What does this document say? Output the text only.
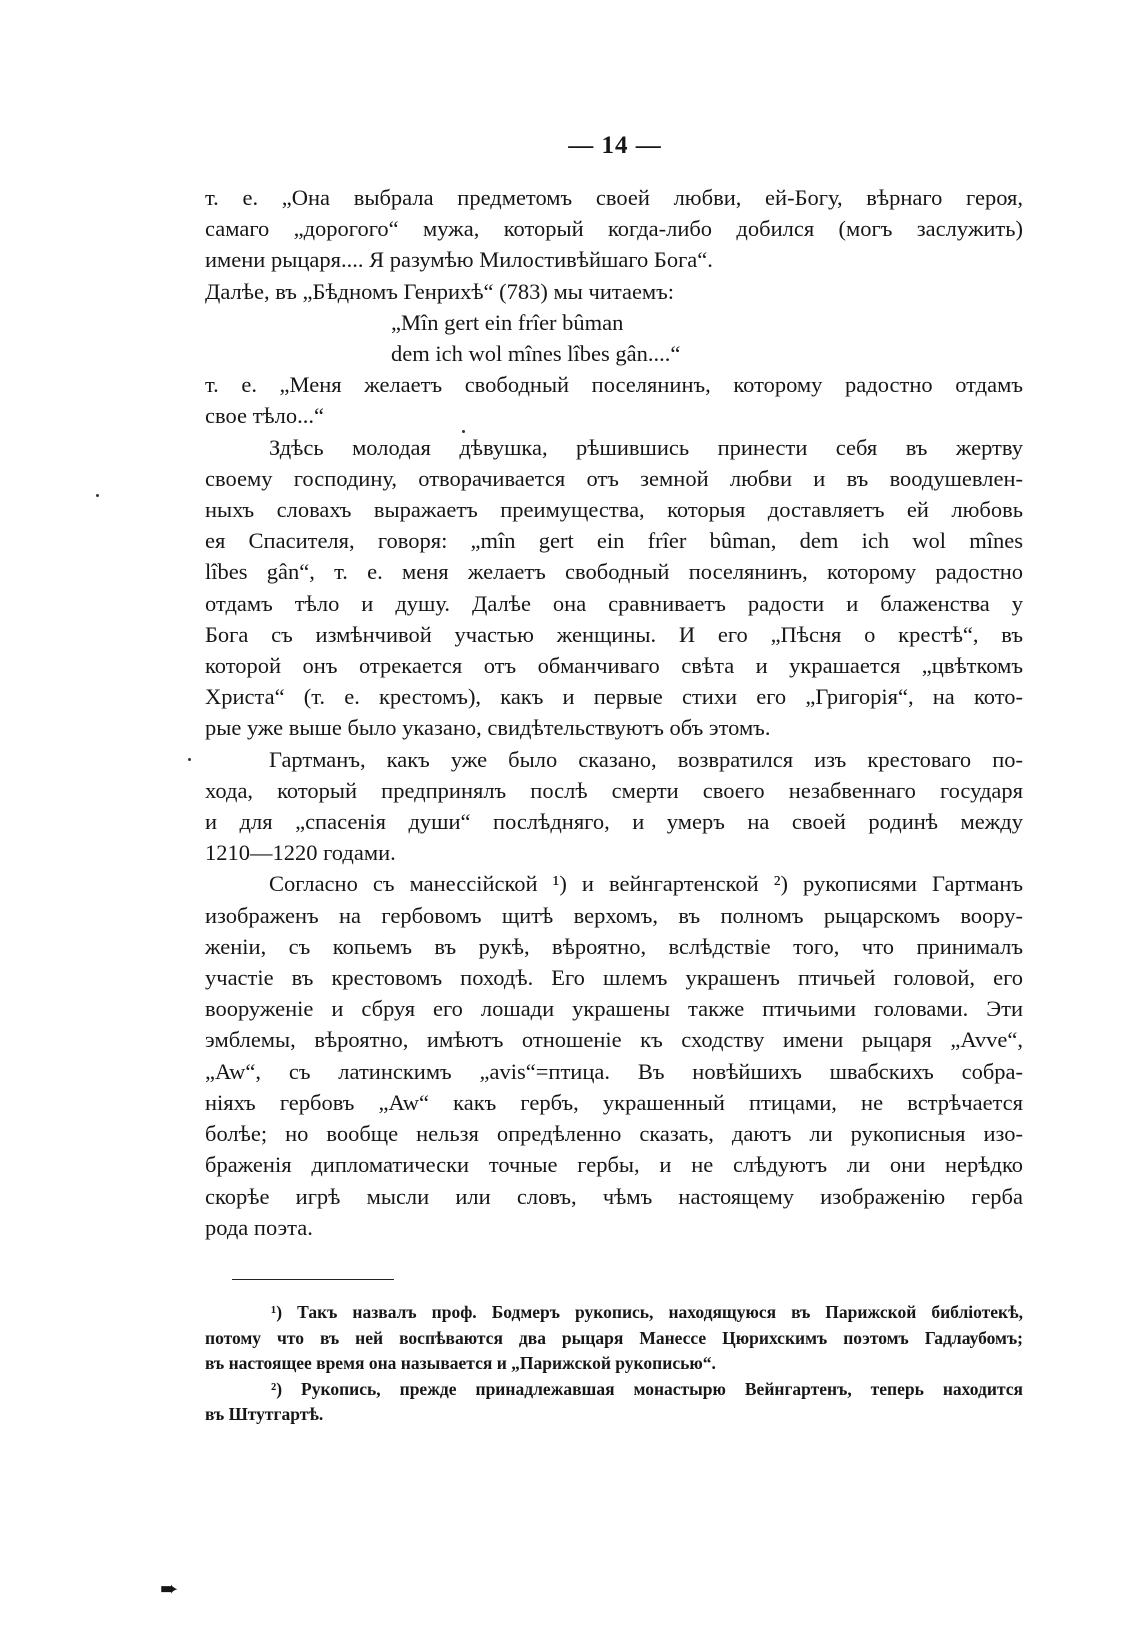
— 14 —
т. е. „Она выбрала предметомъ своей любви, ей-Богу, вѣрнаго героя,
самаго „дорогого“ мужа, который когда-либо добился (могъ заслужить)
имени рыцаря.... Я разумѣю Милостивѣйшаго Бога“.
Далѣе, въ „Бѣдномъ Генрихѣ“ (783) мы читаемъ:
„Mîn gert ein frîer bûman
dem ich wol mînes lîbes gân....“
т. е. „Меня желаетъ свободный поселянинъ, которому радостно отдамъ
свое тѣло...“
Здѣсь молодая дѣвушка, рѣшившись принести себя въ жертву
своему господину, отворачивается отъ земной любви и въ воодушевлен-
ныхъ словахъ выражаетъ преимущества, которыя доставляетъ ей любовь
ея Спасителя, говоря: „mîn gert ein frîer bûman, dem ich wol mînes
lîbes gân“, т. е. меня желаетъ свободный поселянинъ, которому радостно
отдамъ тѣло и душу. Далѣе она сравниваетъ радости и блаженства у
Бога съ измѣнчивой участью женщины. И его „Пѣсня о крестѣ“, въ
которой онъ отрекается отъ обманчиваго свѣта и украшается „цвѣткомъ
Христа“ (т. е. крестомъ), какъ и первые стихи его „Григорія“, на кото-
рые уже выше было указано, свидѣтельствуютъ объ этомъ.
Гартманъ, какъ уже было сказано, возвратился изъ крестоваго по-
хода, который предпринялъ послѣ смерти своего незабвеннаго государя
и для „спасенія души“ послѣдняго, и умеръ на своей родинѣ между
1210—1220 годами.
Согласно съ манессійской ¹) и вейнгартенской ²) рукописями Гартманъ
изображенъ на гербовомъ щитѣ верхомъ, въ полномъ рыцарскомъ воору-
женіи, съ копьемъ въ рукѣ, вѣроятно, вслѣдствіе того, что принималъ
участіе въ крестовомъ походѣ. Его шлемъ украшенъ птичьей головой, его
вооруженіе и сбруя его лошади украшены также птичьими головами. Эти
эмблемы, вѣроятно, имѣютъ отношеніе къ сходству имени рыцаря „Avve“,
„Aw“, съ латинскимъ „avis“=птица. Въ новѣйшихъ швабскихъ собра-
ніяхъ гербовъ „Aw“ какъ гербъ, украшенный птицами, не встрѣчается
болѣе; но вообще нельзя опредѣленно сказать, даютъ ли рукописныя изо-
браженія дипломатически точные гербы, и не слѣдуютъ ли они нерѣдко
скорѣе игрѣ мысли или словъ, чѣмъ настоящему изображенію герба
рода поэта.
¹) Такъ назвалъ проф. Бодмеръ рукопись, находящуюся въ Парижской библіотекѣ,
потому что въ ней воспѣваются два рыцаря Манессе Цюрихскимъ поэтомъ Гадлаубомъ;
въ настоящее время она называется и „Парижской рукописью“.
²) Рукопись, прежде принадлежавшая монастырю Вейнгартенъ, теперь находится
въ Штутгартѣ.
➨
